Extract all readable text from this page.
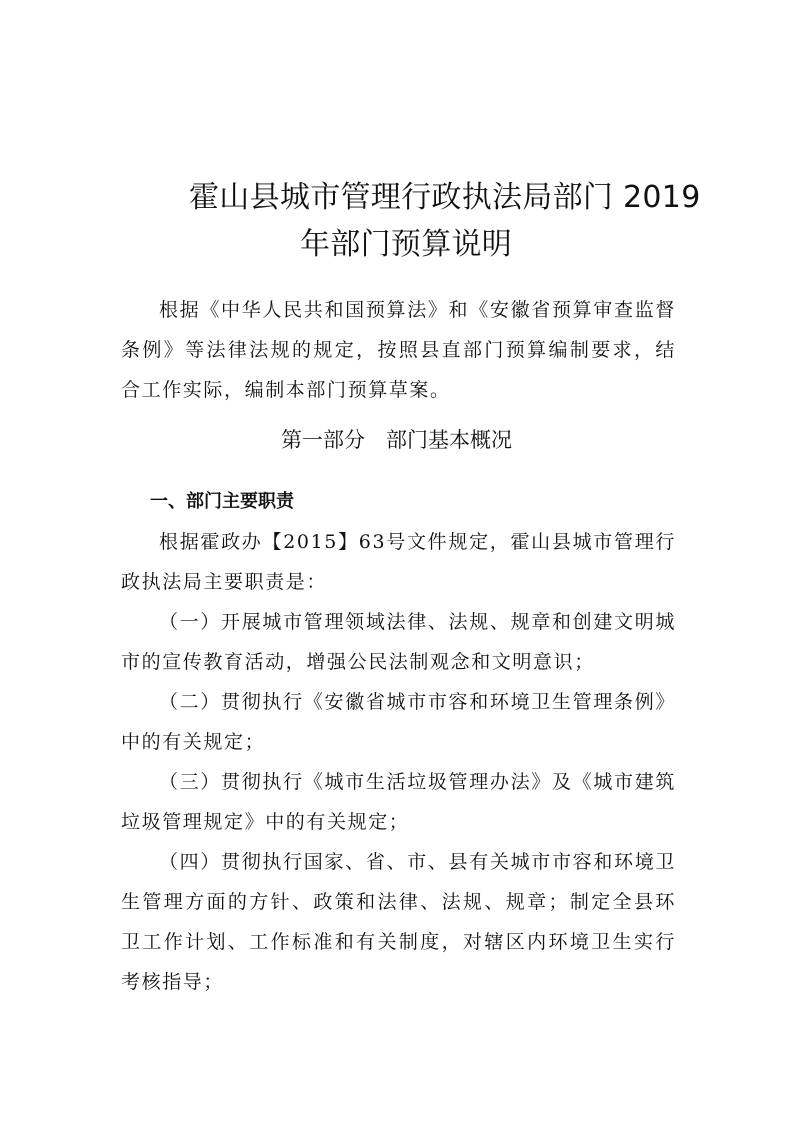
霍山县城市管理行政执法局部门 2019
年部门预算说明

根据《中华人民共和国预算法》和《安徽省预算审查监督条例》等法律法规的规定，按照县直部门预算编制要求，结合工作实际，编制本部门预算草案。

第一部分　部门基本概况
一、部门主要职责

根据霍政办【2015】63号文件规定，霍山县城市管理行政执法局主要职责是：

（一）开展城市管理领域法律、法规、规章和创建文明城市的宣传教育活动，增强公民法制观念和文明意识；

（二）贯彻执行《安徽省城市市容和环境卫生管理条例》中的有关规定；

（三）贯彻执行《城市生活垃圾管理办法》及《城市建筑垃圾管理规定》中的有关规定；

（四）贯彻执行国家、省、市、县有关城市市容和环境卫生管理方面的方针、政策和法律、法规、规章；制定全县环卫工作计划、工作标准和有关制度，对辖区内环境卫生实行考核指导；
